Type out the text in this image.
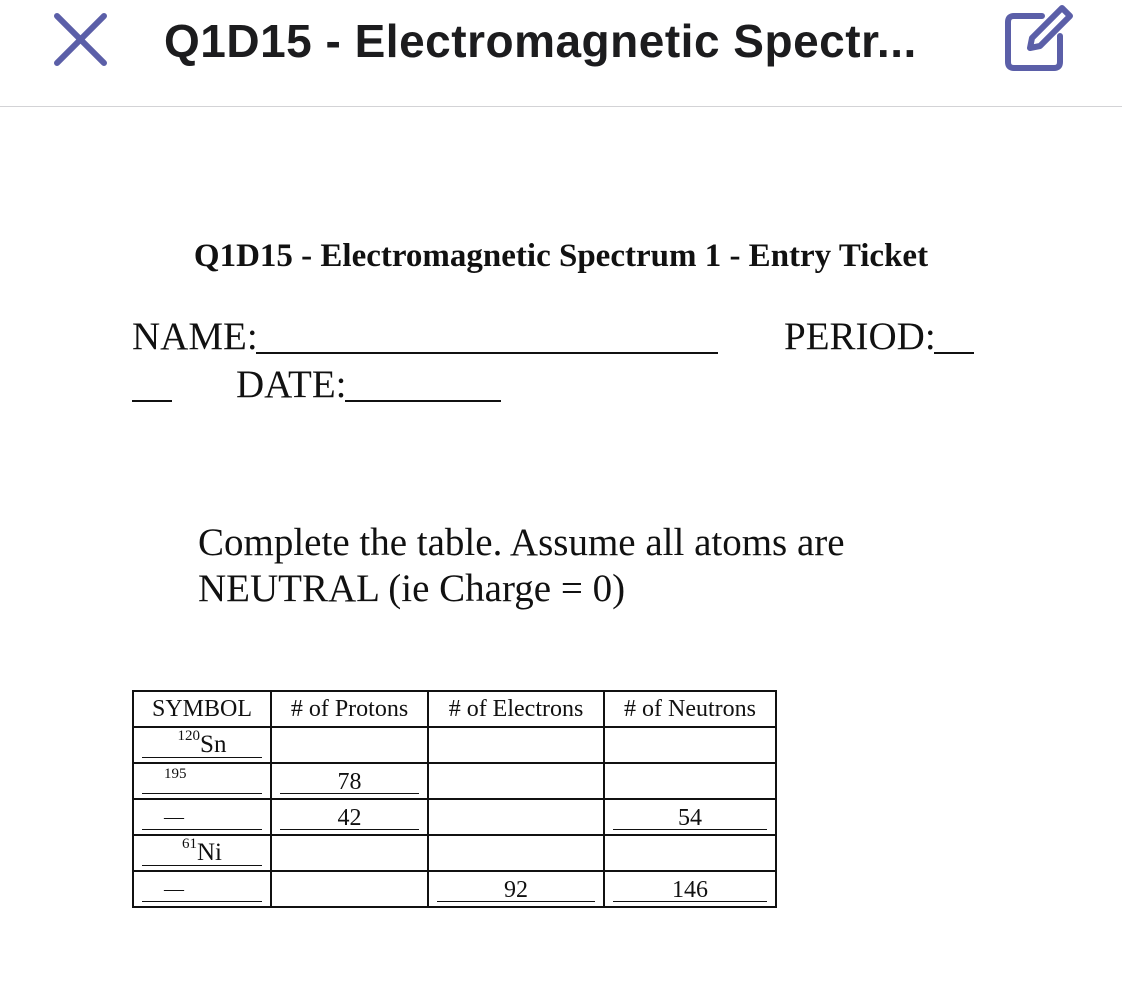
Q1D15 - Electromagnetic Spectr...
Q1D15 - Electromagnetic Spectrum 1 - Entry Ticket
NAME:	PERIOD:
DATE:
Complete the table. Assume all atoms are
NEUTRAL (ie Charge = 0)
SYMBOL	# of Protons	# of Electrons	# of Neutrons
$^{120}$Sn

195	78

—	42		54

$^{61}$Ni

—		92	146
